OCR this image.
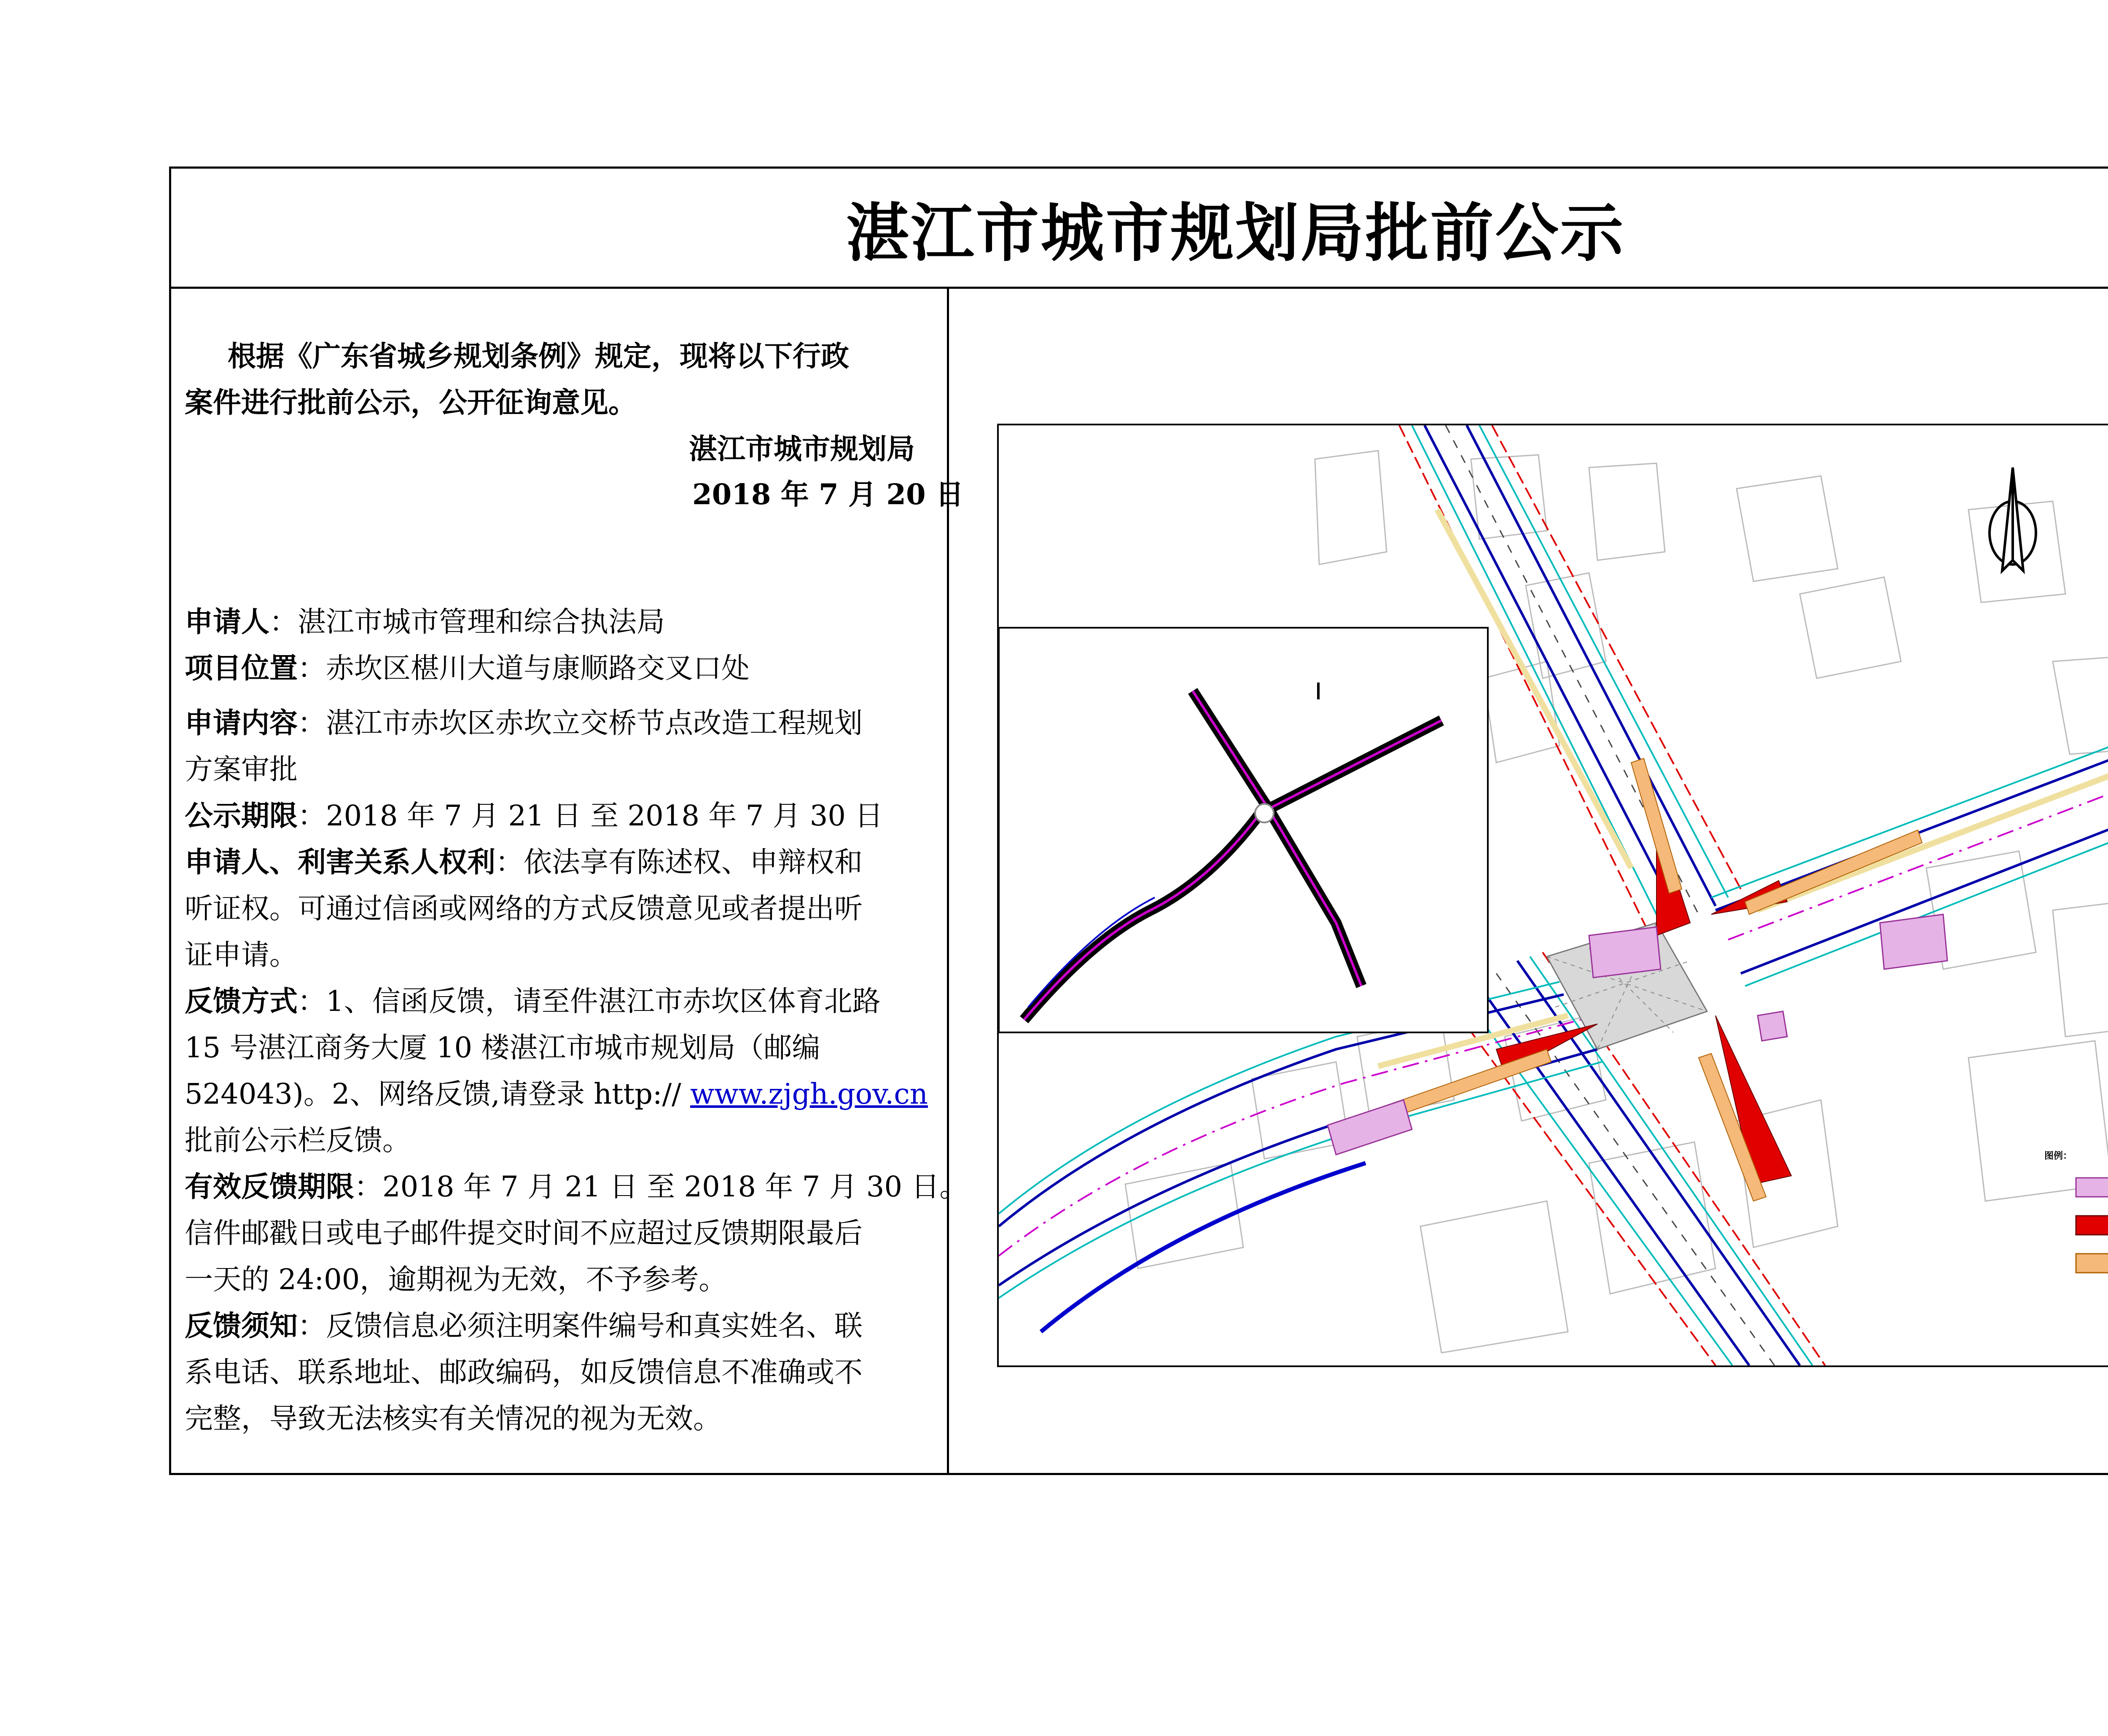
湛江市城市规划局批前公示
根据《广东省城乡规划条例》规定，现将以下行政
案件进行批前公示，公开征询意见。
湛江市城市规划局
2018 年 7 月 20 日
申请人：湛江市城市管理和综合执法局
项目位置：赤坎区椹川大道与康顺路交叉口处
申请内容：湛江市赤坎区赤坎立交桥节点改造工程规划
方案审批
公示期限：2018 年 7 月 21 日 至 2018 年 7 月 30 日
申请人、利害关系人权利：依法享有陈述权、申辩权和
听证权。可通过信函或网络的方式反馈意见或者提出听
证申请。
反馈方式：1、信函反馈，请至件湛江市赤坎区体育北路
15 号湛江商务大厦 10 楼湛江市城市规划局（邮编
524043)。2、网络反馈,请登录 http:// www.zjgh.gov.cn
批前公示栏反馈。
有效反馈期限：2018 年 7 月 21 日 至 2018 年 7 月 30 日。
信件邮戳日或电子邮件提交时间不应超过反馈期限最后
一天的 24:00，逾期视为无效，不予参考。
反馈须知：反馈信息必须注明案件编号和真实姓名、联
系电话、联系地址、邮政编码，如反馈信息不准确或不
完整，导致无法核实有关情况的视为无效。
图例：
